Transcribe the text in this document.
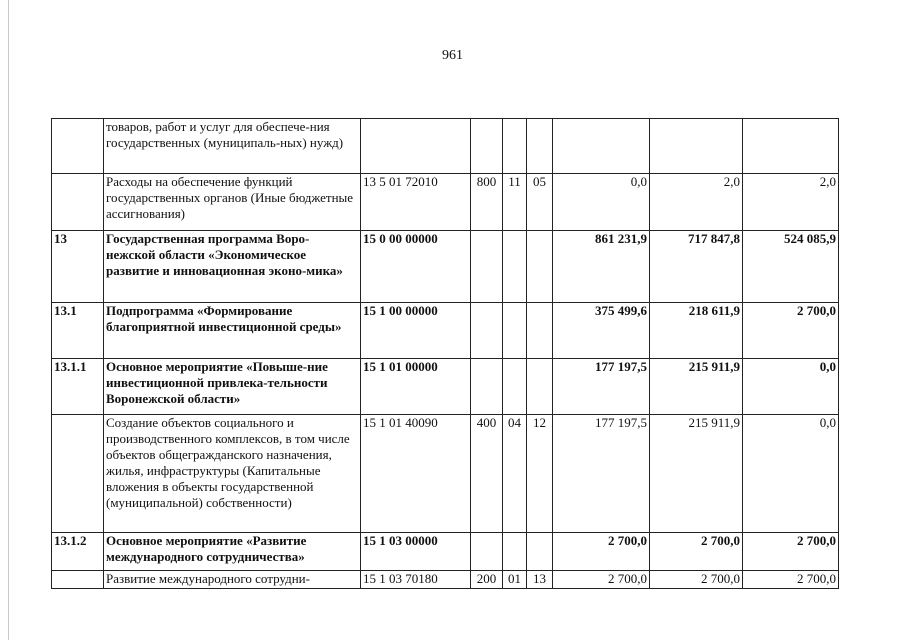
961
	товаров, работ и услуг для обеспече-ния государственных (муниципаль-ных) нужд)							
	Расходы на обеспечение функций государственных органов (Иные бюджетные ассигнования)	13 5 01 72010	800	11	05	0,0	2,0	2,0
13	Государственная программа Воро-нежской области «Экономическое развитие и инновационная эконо-мика»	15 0 00 00000				861 231,9	717 847,8	524 085,9
13.1	Подпрограмма «Формирование благоприятной инвестиционной среды»	15 1 00 00000				375 499,6	218 611,9	2 700,0
13.1.1	Основное мероприятие «Повыше-ние инвестиционной привлека-тельности Воронежской области»	15 1 01 00000				177 197,5	215 911,9	0,0
	Создание объектов социального и производственного комплексов, в том числе объектов общегражданского назначения, жилья, инфраструктуры (Капитальные вложения в объекты государственной (муниципальной) собственности)	15 1 01 40090	400	04	12	177 197,5	215 911,9	0,0
13.1.2	Основное мероприятие «Развитие международного сотрудничества»	15 1 03 00000				2 700,0	2 700,0	2 700,0
	Развитие международного сотрудни-	15 1 03 70180	200	01	13	2 700,0	2 700,0	2 700,0
